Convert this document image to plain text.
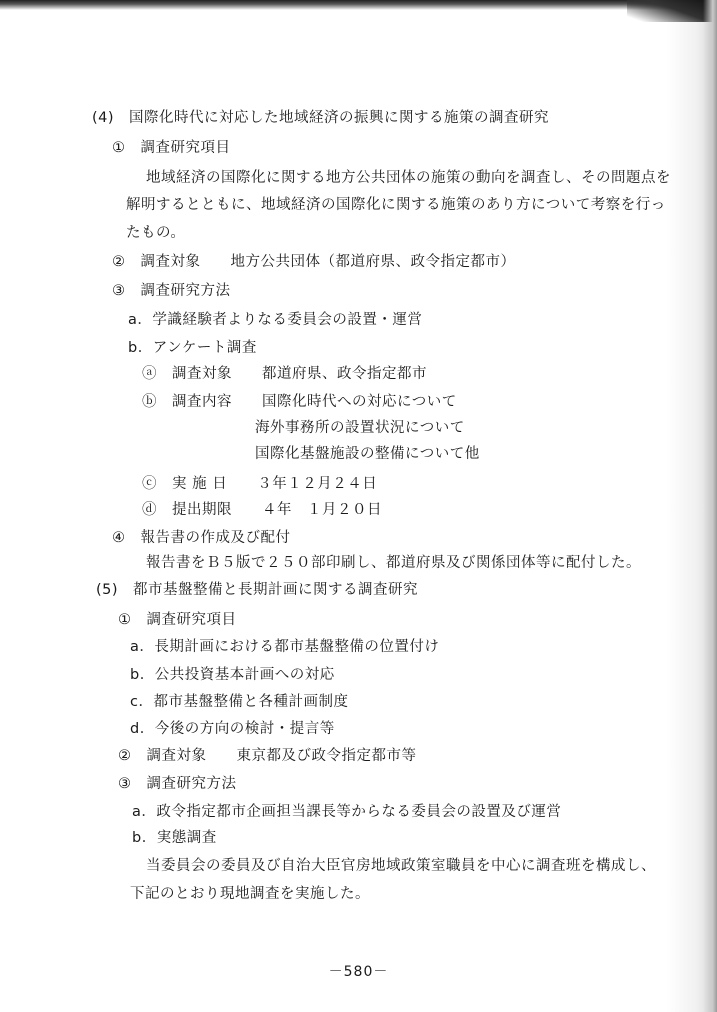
(4)　国際化時代に対応した地域経済の振興に関する施策の調査研究
①　調査研究項目
地域経済の国際化に関する地方公共団体の施策の動向を調査し、その問題点を
解明するとともに、地域経済の国際化に関する施策のあり方について考察を行っ
たもの。
②　調査対象　　地方公共団体（都道府県、政令指定都市）
③　調査研究方法
a．学識経験者よりなる委員会の設置・運営
b．アンケート調査
ⓐ　調査対象　　都道府県、政令指定都市
ⓑ　調査内容　　国際化時代への対応について
海外事務所の設置状況について
国際化基盤施設の整備について他
ⓒ　実 施 日　　３年１２月２４日
ⓓ　提出期限　　４年　１月２０日
④　報告書の作成及び配付
報告書をＢ５版で２５０部印刷し、都道府県及び関係団体等に配付した。
(5)　都市基盤整備と長期計画に関する調査研究
①　調査研究項目
a．長期計画における都市基盤整備の位置付け
b．公共投資基本計画への対応
c．都市基盤整備と各種計画制度
d．今後の方向の検討・提言等
②　調査対象　　東京都及び政令指定都市等
③　調査研究方法
a．政令指定都市企画担当課長等からなる委員会の設置及び運営
b．実態調査
当委員会の委員及び自治大臣官房地域政策室職員を中心に調査班を構成し、
下記のとおり現地調査を実施した。
－580－
